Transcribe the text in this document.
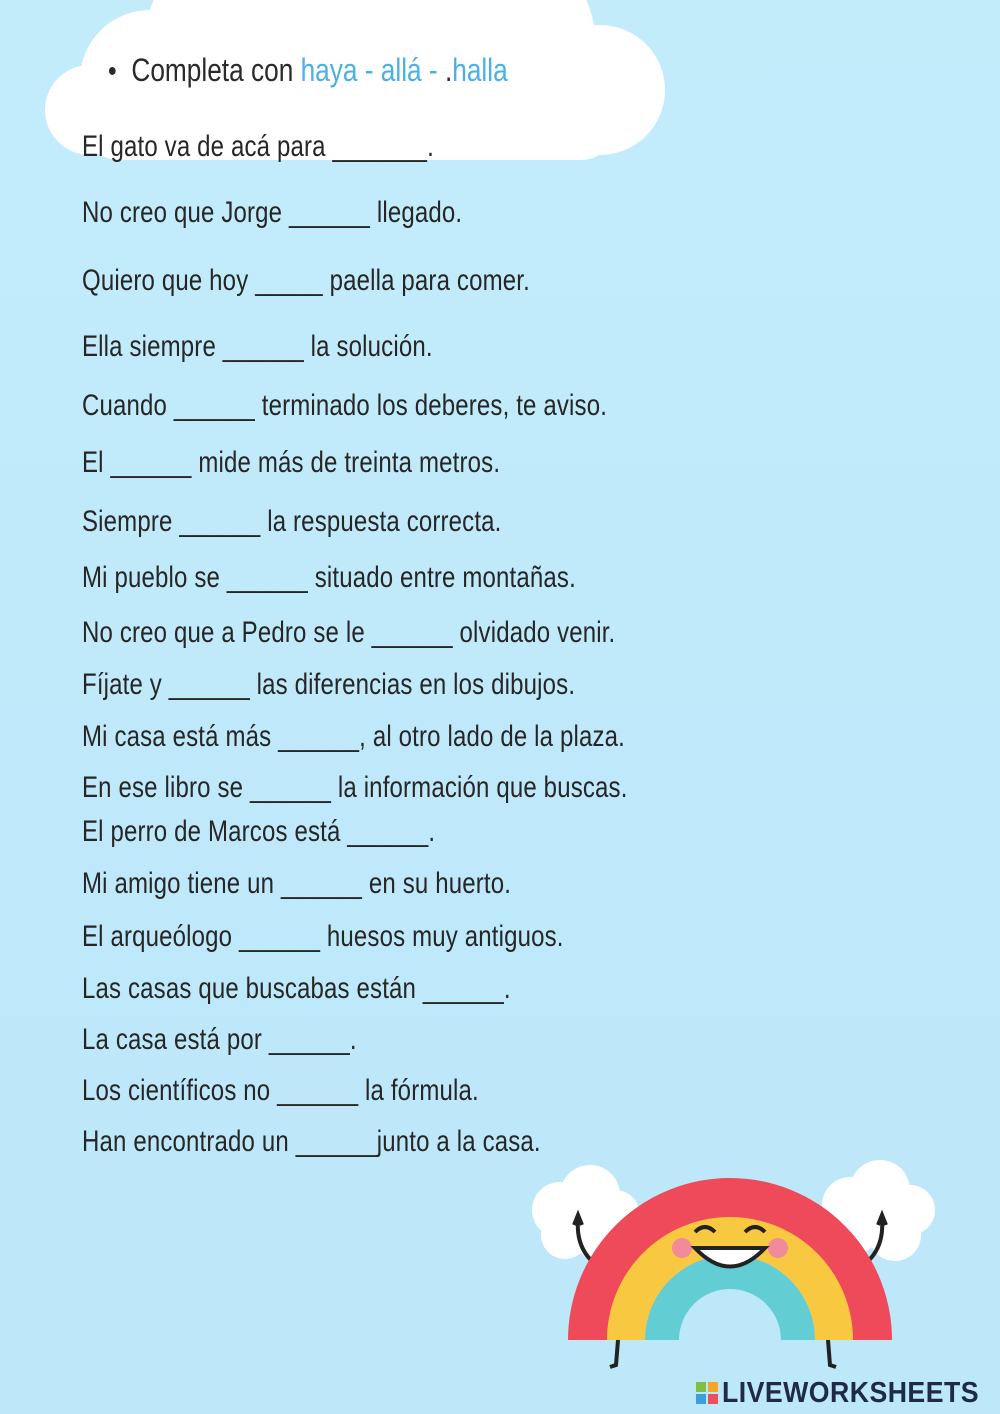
• Completa con haya - allá - .halla
El gato va de acá para _______.
No creo que Jorge ______ llegado.
Quiero que hoy _____ paella para comer.
Ella siempre ______ la solución.
Cuando ______ terminado los deberes, te aviso.
El ______ mide más de treinta metros.
Siempre ______ la respuesta correcta.
Mi pueblo se ______ situado entre montañas.
No creo que a Pedro se le ______ olvidado venir.
Fíjate y ______ las diferencias en los dibujos.
Mi casa está más ______, al otro lado de la plaza.
En ese libro se ______ la información que buscas.
El perro de Marcos está ______.
Mi amigo tiene un ______ en su huerto.
El arqueólogo ______ huesos muy antiguos.
Las casas que buscabas están ______.
La casa está por ______.
Los científicos no ______ la fórmula.
Han encontrado un ______junto a la casa.
LIVEWORKSHEETS
